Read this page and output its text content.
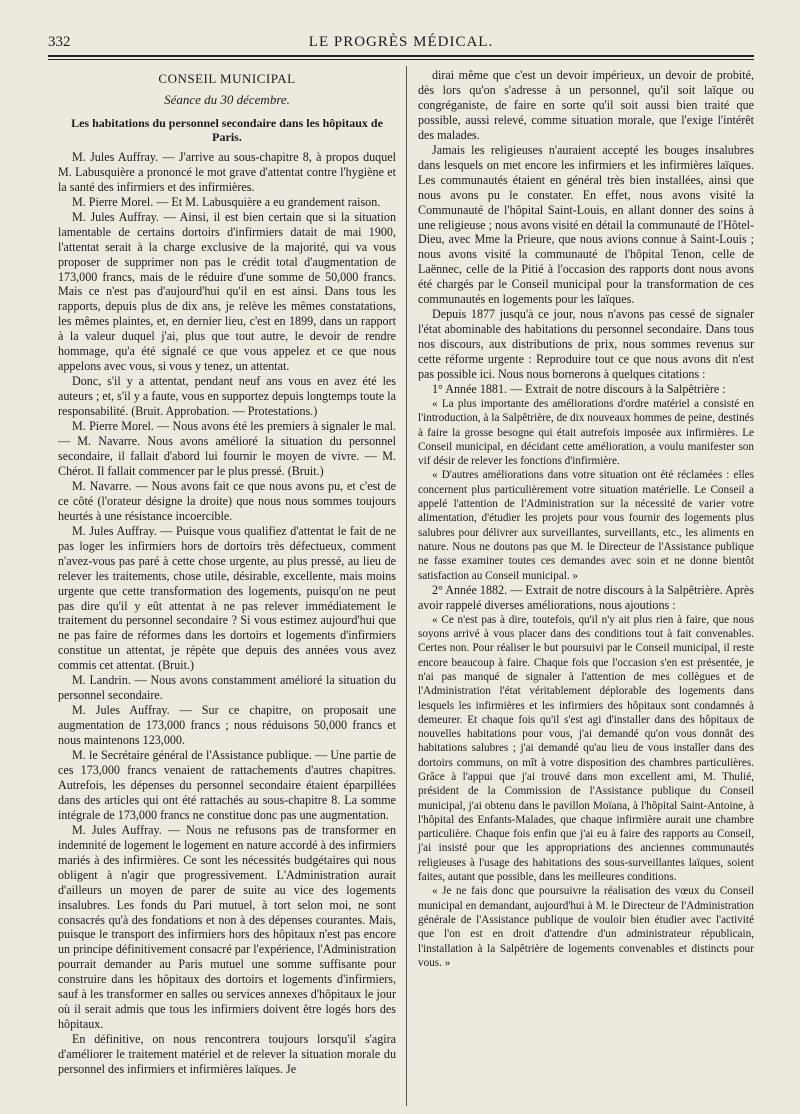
332	LE PROGRÈS MÉDICAL.
CONSEIL MUNICIPAL
Séance du 30 décembre.
Les habitations du personnel secondaire dans les hôpitaux de Paris.

M. Jules Auffray. — J'arrive au sous-chapitre 8, à propos duquel M. Labusquière a prononcé le mot grave d'attentat contre l'hygiène et la santé des infirmiers et des infirmières.

M. Pierre Morel. — Et M. Labusquière a eu grandement raison.

M. Jules Auffray. — Ainsi, il est bien certain que si la situation lamentable de certains dortoirs d'infirmiers datait de mai 1900, l'attentat serait à la charge exclusive de la majorité, qui va vous proposer de supprimer non pas le crédit total d'augmentation de 173,000 francs, mais de le réduire d'une somme de 50,000 francs. Mais ce n'est pas d'aujourd'hui qu'il en est ainsi. Dans tous les rapports, depuis plus de dix ans, je relève les mêmes constatations, les mêmes plaintes, et, en dernier lieu, c'est en 1899, dans un rapport à la valeur duquel j'ai, plus que tout autre, le devoir de rendre hommage, qu'a été signalé ce que vous appelez et ce que nous appelons avec vous, si vous y tenez, un attentat.

Donc, s'il y a attentat, pendant neuf ans vous en avez été les auteurs ; et, s'il y a faute, vous en supportez depuis longtemps toute la responsabilité. (Bruit. Approbation. — Protestations.)

M. Pierre Morel. — Nous avons été les premiers à signaler le mal. — M. Navarre. Nous avons amélioré la situation du personnel secondaire, il fallait d'abord lui fournir le moyen de vivre. — M. Chérot. Il fallait commencer par le plus pressé. (Bruit.)

M. Navarre. — Nous avons fait ce que nous avons pu, et c'est de ce côté (l'orateur désigne la droite) que nous nous sommes toujours heurtés à une résistance incoercible.

M. Jules Auffray. — Puisque vous qualifiez d'attentat le fait de ne pas loger les infirmiers hors de dortoirs très défectueux, comment n'avez-vous pas paré à cette chose urgente, au plus pressé, au lieu de relever les traitements, chose utile, désirable, excellente, mais moins urgente que cette transformation des logements, puisqu'on ne peut pas dire qu'il y eût attentat à ne pas relever immédiatement le traitement du personnel secondaire ? Si vous estimez aujourd'hui que ne pas faire de réformes dans les dortoirs et logements d'infirmiers constitue un attentat, je répète que depuis des années vous avez commis cet attentat. (Bruit.)

M. Landrin. — Nous avons constamment amélioré la situation du personnel secondaire.

M. Jules Auffray. — Sur ce chapitre, on proposait une augmentation de 173,000 francs ; nous réduisons 50,000 francs et nous maintenons 123,000.

M. le Secrétaire général de l'Assistance publique. — Une partie de ces 173,000 francs venaient de rattachements d'autres chapitres. Autrefois, les dépenses du personnel secondaire étaient éparpillées dans des articles qui ont été rattachés au sous-chapitre 8. La somme intégrale de 173,000 francs ne constitue donc pas une augmentation.

M. Jules Auffray. — Nous ne refusons pas de transformer en indemnité de logement le logement en nature accordé à des infirmiers mariés à des infirmières. Ce sont les nécessités budgétaires qui nous obligent à n'agir que progressivement. L'Administration aurait d'ailleurs un moyen de parer de suite au vice des logements insalubres. Les fonds du Pari mutuel, à tort selon moi, ne sont consacrés qu'à des fondations et non à des dépenses courantes. Mais, puisque le transport des infirmiers hors des hôpitaux n'est pas encore un principe définitivement consacré par l'expérience, l'Administration pourrait demander au Paris mutuel une somme suffisante pour construire dans les hôpitaux des dortoirs et logements d'infirmiers, sauf à les transformer en salles ou services annexes d'hôpitaux le jour où il serait admis que tous les infirmiers doivent être logés hors des hôpitaux.

En définitive, on nous rencontrera toujours lorsqu'il s'agira d'améliorer le traitement matériel et de relever la situation morale du personnel des infirmiers et infirmières laïques. Je

dirai même que c'est un devoir impérieux, un devoir de probité, dès lors qu'on s'adresse à un personnel, qu'il soit laïque ou congréganiste, de faire en sorte qu'il soit aussi bien traité que possible, aussi relevé, comme situation morale, que l'exige l'intérêt des malades.

Jamais les religieuses n'auraient accepté les bouges insalubres dans lesquels on met encore les infirmiers et les infirmières laïques. Les communautés étaient en général très bien installées, ainsi que nous avons pu le constater. En effet, nous avons visité la Communauté de l'hôpital Saint-Louis, en allant donner des soins à une religieuse ; nous avons visité en détail la communauté de l'Hôtel-Dieu, avec Mme la Prieure, que nous avions connue à Saint-Louis ; nous avons visité la communauté de l'hôpital Tenon, celle de Laënnec, celle de la Pitié à l'occasion des rapports dont nous avons été chargés par le Conseil municipal pour la transformation de ces communautés en logements pour les laïques.

Depuis 1877 jusqu'à ce jour, nous n'avons pas cessé de signaler l'état abominable des habitations du personnel secondaire. Dans tous nos discours, aux distributions de prix, nous sommes revenus sur cette réforme urgente : Reproduire tout ce que nous avons dit n'est pas possible ici. Nous nous bornerons à quelques citations :

1° Année 1881. — Extrait de notre discours à la Salpêtrière :

« La plus importante des améliorations d'ordre matériel a consisté en l'introduction, à la Salpêtrière, de dix nouveaux hommes de peine, destinés à faire la grosse besogne qui était autrefois imposée aux infirmières. Le Conseil municipal, en décidant cette amélioration, a voulu manifester son vif désir de relever les fonctions d'infirmière.

« D'autres améliorations dans votre situation ont été réclamées : elles concernent plus particulièrement votre situation matérielle. Le Conseil a appelé l'attention de l'Administration sur la nécessité de varier votre alimentation, d'étudier les projets pour vous fournir des logements plus salubres pour délivrer aux surveillantes, surveillants, etc., les aliments en nature. Nous ne doutons pas que M. le Directeur de l'Assistance publique ne fasse examiner toutes ces demandes avec soin et ne donne bientôt satisfaction au Conseil municipal. »

2° Année 1882. — Extrait de notre discours à la Salpêtrière. Après avoir rappelé diverses améliorations, nous ajoutions :

« Ce n'est pas à dire, toutefois, qu'il n'y ait plus rien à faire, que nous soyons arrivé à vous placer dans des conditions tout à fait convenables. Certes non. Pour réaliser le but poursuivi par le Conseil municipal, il reste encore beaucoup à faire. Chaque fois que l'occasion s'en est présentée, je n'ai pas manqué de signaler à l'attention de mes collègues et de l'Administration l'état véritablement déplorable des logements dans lesquels les infirmières et les infirmiers des hôpitaux sont condamnés à demeurer. Et chaque fois qu'il s'est agi d'installer dans des hôpitaux de nouvelles habitations pour vous, j'ai demandé qu'on vous donnât des habitations salubres ; j'ai demandé qu'au lieu de vous installer dans des dortoirs communs, on mît à votre disposition des chambres particulières. Grâce à l'appui que j'ai trouvé dans mon excellent ami, M. Thulié, président de la Commission de l'Assistance publique du Conseil municipal, j'ai obtenu dans le pavillon Moïana, à l'hôpital Saint-Antoine, à l'hôpital des Enfants-Malades, que chaque infirmière aurait une chambre particulière. Chaque fois enfin que j'ai eu à faire des rapports au Conseil, j'ai insisté pour que les appropriations des anciennes communautés religieuses à l'usage des habitations des sous-surveillantes laïques, soient faites, autant que possible, dans les meilleures conditions.

« Je ne fais donc que poursuivre la réalisation des vœux du Conseil municipal en demandant, aujourd'hui à M. le Directeur de l'Administration générale de l'Assistance publique de vouloir bien étudier avec l'activité que l'on est en droit d'attendre d'un administrateur républicain, l'installation à la Salpêtrière de logements convenables et distincts pour vous. »
